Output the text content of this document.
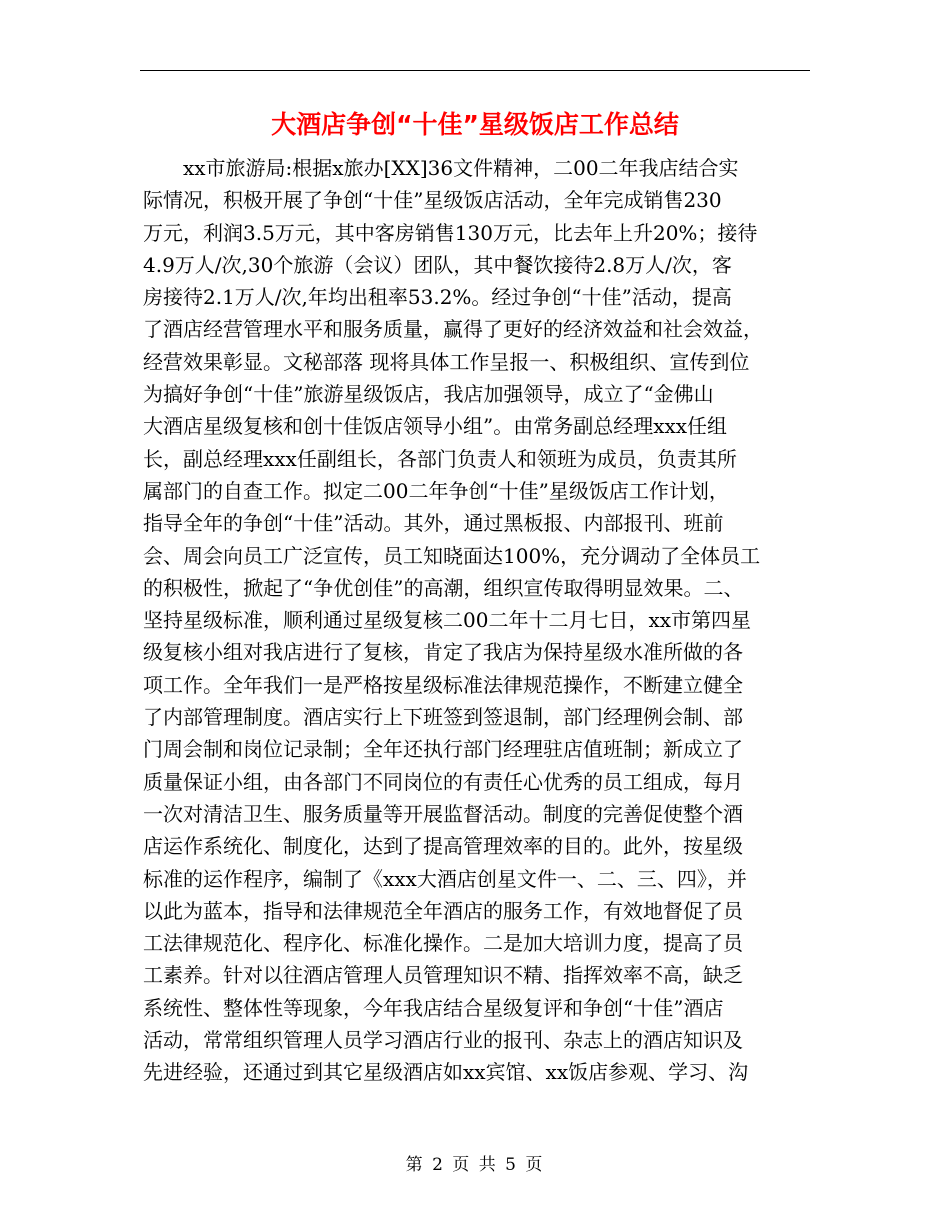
大酒店争创“十佳”星级饭店工作总结
xx市旅游局:根据x旅办[XX]36文件精神，二00二年我店结合实
际情况，积极开展了争创“十佳”星级饭店活动，全年完成销售230
万元，利润3.5万元，其中客房销售130万元，比去年上升20%；接待
4.9万人/次,30个旅游（会议）团队，其中餐饮接待2.8万人/次，客
房接待2.1万人/次,年均出租率53.2%。经过争创“十佳”活动，提高
了酒店经营管理水平和服务质量，赢得了更好的经济效益和社会效益，
经营效果彰显。文秘部落 现将具体工作呈报一、积极组织、宣传到位
为搞好争创“十佳”旅游星级饭店，我店加强领导，成立了“金佛山
大酒店星级复核和创十佳饭店领导小组”。由常务副总经理xxx任组
长，副总经理xxx任副组长，各部门负责人和领班为成员，负责其所
属部门的自查工作。拟定二00二年争创“十佳”星级饭店工作计划，
指导全年的争创“十佳”活动。其外，通过黑板报、内部报刊、班前
会、周会向员工广泛宣传，员工知晓面达100%，充分调动了全体员工
的积极性，掀起了“争优创佳”的高潮，组织宣传取得明显效果。二、
坚持星级标准，顺利通过星级复核二00二年十二月七日，xx市第四星
级复核小组对我店进行了复核，肯定了我店为保持星级水准所做的各
项工作。全年我们一是严格按星级标准法律规范操作，不断建立健全
了内部管理制度。酒店实行上下班签到签退制，部门经理例会制、部
门周会制和岗位记录制；全年还执行部门经理驻店值班制；新成立了
质量保证小组，由各部门不同岗位的有责任心优秀的员工组成，每月
一次对清洁卫生、服务质量等开展监督活动。制度的完善促使整个酒
店运作系统化、制度化，达到了提高管理效率的目的。此外，按星级
标准的运作程序，编制了《xxx大酒店创星文件一、二、三、四》，并
以此为蓝本，指导和法律规范全年酒店的服务工作，有效地督促了员
工法律规范化、程序化、标准化操作。二是加大培训力度，提高了员
工素养。针对以往酒店管理人员管理知识不精、指挥效率不高，缺乏
系统性、整体性等现象，今年我店结合星级复评和争创“十佳”酒店
活动，常常组织管理人员学习酒店行业的报刊、杂志上的酒店知识及
先进经验，还通过到其它星级酒店如xx宾馆、xx饭店参观、学习、沟
第 2 页 共 5 页
